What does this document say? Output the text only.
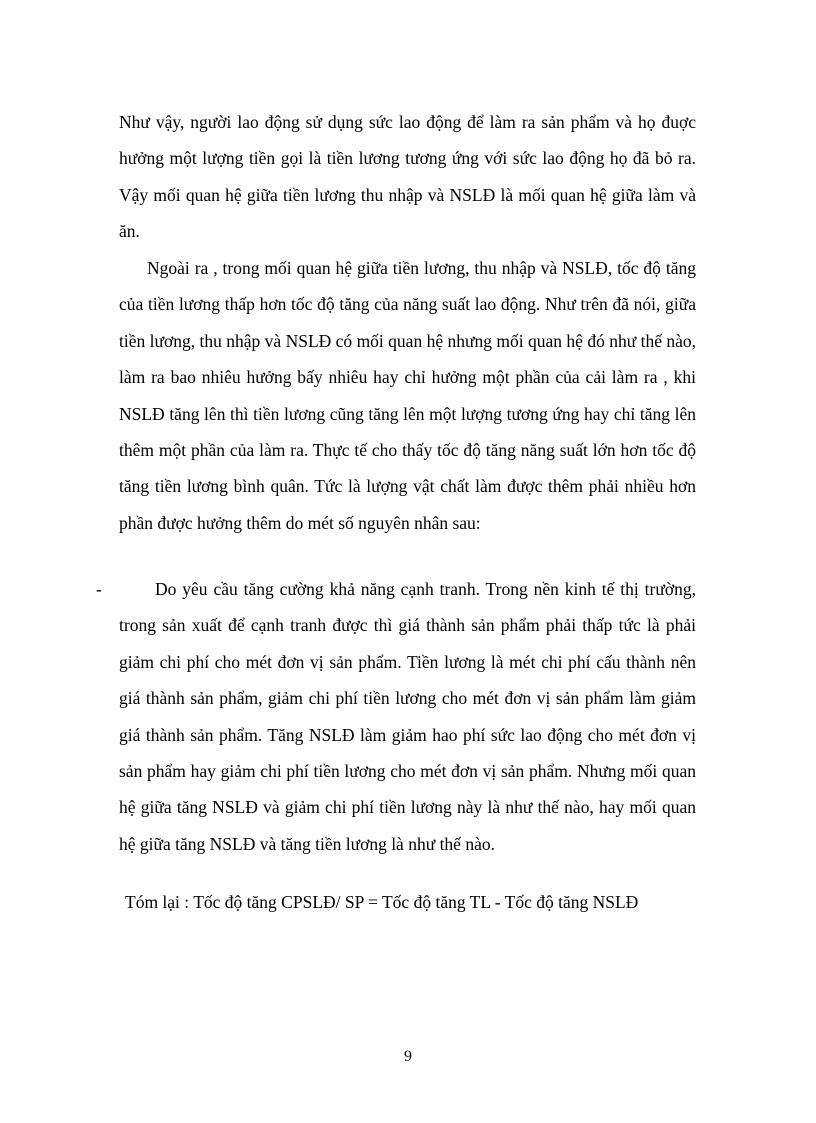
Như vậy, người lao động sử dụng sức lao động để làm ra sản phẩm và họ đuợc hưởng một lượng tiền gọi là tiền lương tương ứng với sức lao động họ đã bỏ ra. Vậy mối quan hệ giữa tiền lương thu nhập và NSLĐ là mối quan hệ giữa làm và ăn.

Ngoài ra , trong mối quan hệ giữa tiền lương, thu nhập và NSLĐ, tốc độ tăng của tiền lương thấp hơn tốc độ tăng của năng suất lao động. Như trên đã nói, giữa tiền lương, thu nhập và NSLĐ có mối quan hệ nhưng mối quan hệ đó như thế nào, làm ra bao nhiêu hưởng bấy nhiêu hay chỉ hưởng một phần của cải làm ra , khi NSLĐ tăng lên thì tiền lương cũng tăng lên một lượng tương ứng hay chỉ tăng lên thêm một phần của làm ra. Thực tế cho thấy tốc độ tăng năng suất lớn hơn tốc độ tăng tiền lương bình quân. Tức là lượng vật chất làm được thêm phải nhiều hơn phần được hưởng thêm do mét số nguyên nhân sau:

-	Do yêu cầu tăng cường khả năng cạnh tranh. Trong nền kinh tế thị trường, trong sản xuất để cạnh tranh được thì giá thành sản phẩm phải thấp tức là phải giảm chi phí cho mét đơn vị sản phẩm. Tiền lương là mét chi phí cấu thành nên giá thành sản phẩm, giảm chi phí tiền lương cho mét đơn vị sản phẩm làm giảm giá thành sản phẩm. Tăng NSLĐ làm giảm hao phí sức lao động cho mét đơn vị sản phẩm hay giảm chi phí tiền lương cho mét đơn vị sản phẩm. Nhưng mối quan hệ giữa tăng NSLĐ và giảm chi phí tiền lương này là như thế nào, hay mối quan hệ giữa tăng NSLĐ và tăng tiền lương là như thế nào.

Tóm lại : Tốc độ tăng CPSLĐ/ SP = Tốc độ tăng TL - Tốc độ tăng NSLĐ

9
